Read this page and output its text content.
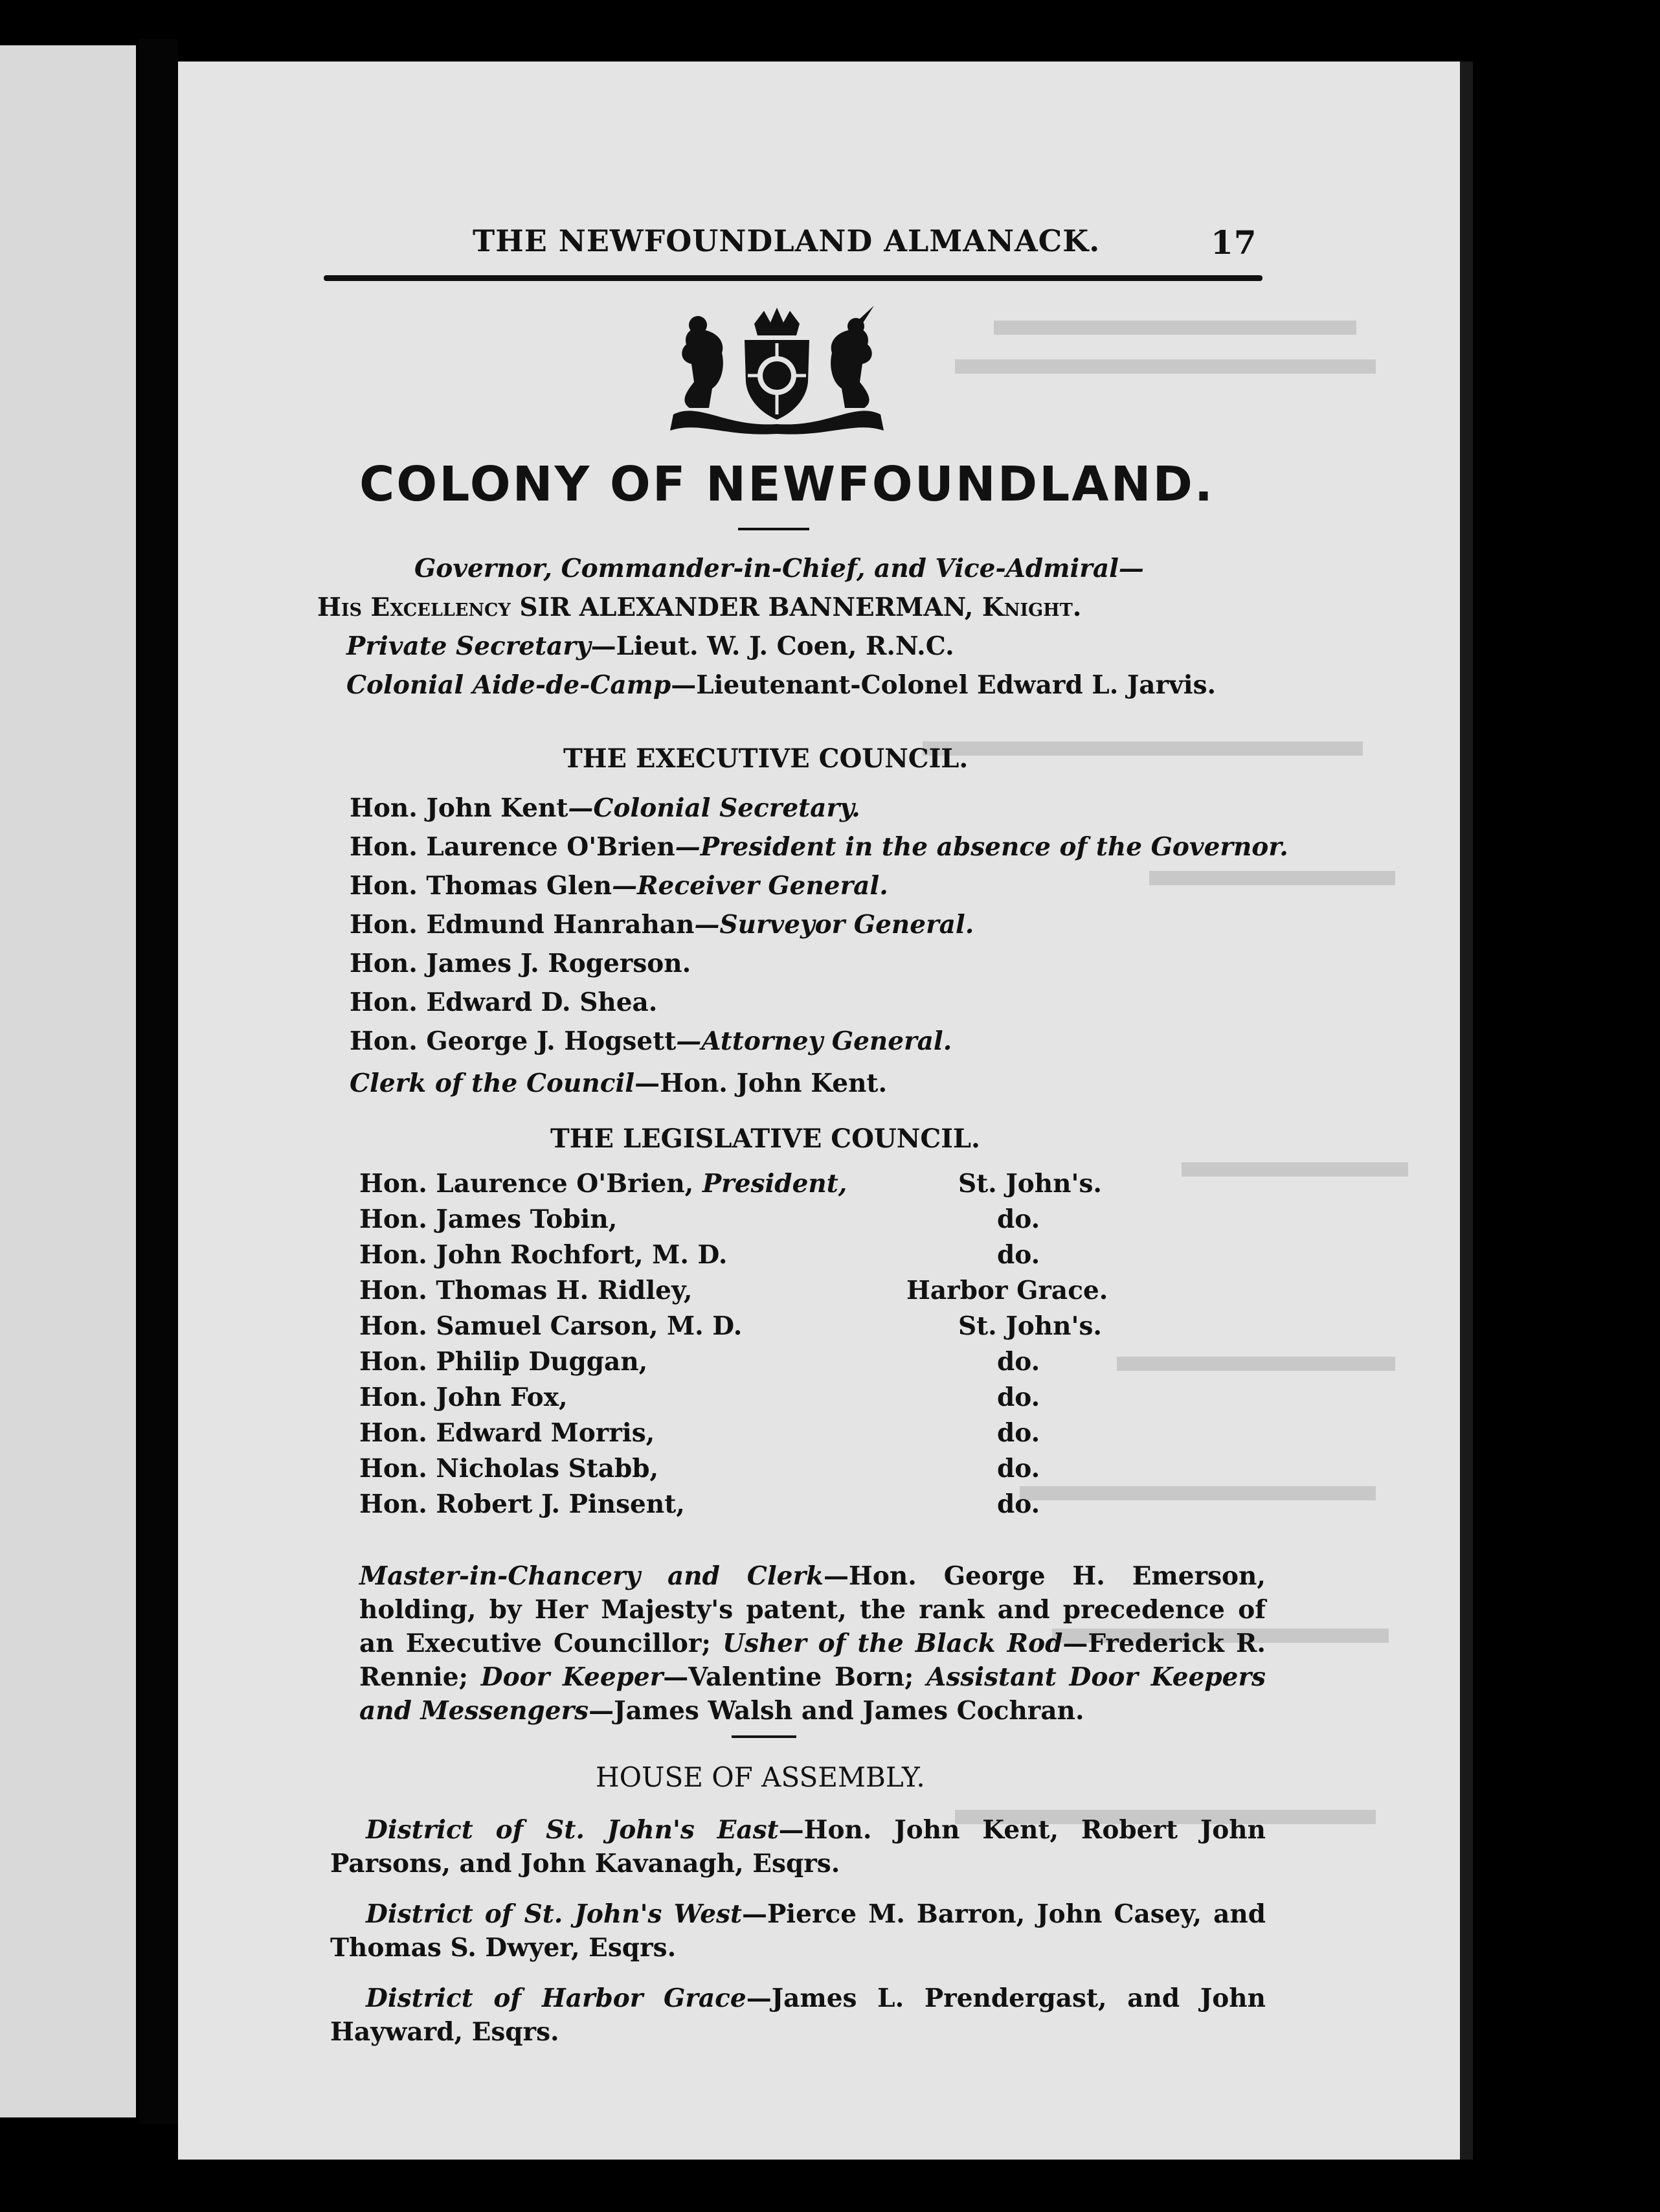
THE NEWFOUNDLAND ALMANACK.	17
COLONY OF NEWFOUNDLAND.
Governor, Commander-in-Chief, and Vice-Admiral—
His Excellency SIR ALEXANDER BANNERMAN, Knight.
Private Secretary—Lieut. W. J. Coen, R.N.C.
Colonial Aide-de-Camp—Lieutenant-Colonel Edward L. Jarvis.
THE EXECUTIVE COUNCIL.
Hon. John Kent—Colonial Secretary.
Hon. Laurence O'Brien—President in the absence of the Governor.
Hon. Thomas Glen—Receiver General.
Hon. Edmund Hanrahan—Surveyor General.
Hon. James J. Rogerson.
Hon. Edward D. Shea.
Hon. George J. Hogsett—Attorney General.
Clerk of the Council—Hon. John Kent.
THE LEGISLATIVE COUNCIL.
Hon. Laurence O'Brien, President,	St. John's.
Hon. James Tobin,	do.
Hon. John Rochfort, M. D.	do.
Hon. Thomas H. Ridley,	Harbor Grace.
Hon. Samuel Carson, M. D.	St. John's.
Hon. Philip Duggan,	do.
Hon. John Fox,	do.
Hon. Edward Morris,	do.
Hon. Nicholas Stabb,	do.
Hon. Robert J. Pinsent,	do.
Master-in-Chancery and Clerk—Hon. George H. Emerson, holding, by Her Majesty's patent, the rank and precedence of an Executive Councillor; Usher of the Black Rod—Frederick R. Rennie; Door Keeper—Valentine Born; Assistant Door Keepers and Messengers—James Walsh and James Cochran.
HOUSE OF ASSEMBLY.
District of St. John's East—Hon. John Kent, Robert John Parsons, and John Kavanagh, Esqrs.
District of St. John's West—Pierce M. Barron, John Casey, and Thomas S. Dwyer, Esqrs.
District of Harbor Grace—James L. Prendergast, and John Hayward, Esqrs.
